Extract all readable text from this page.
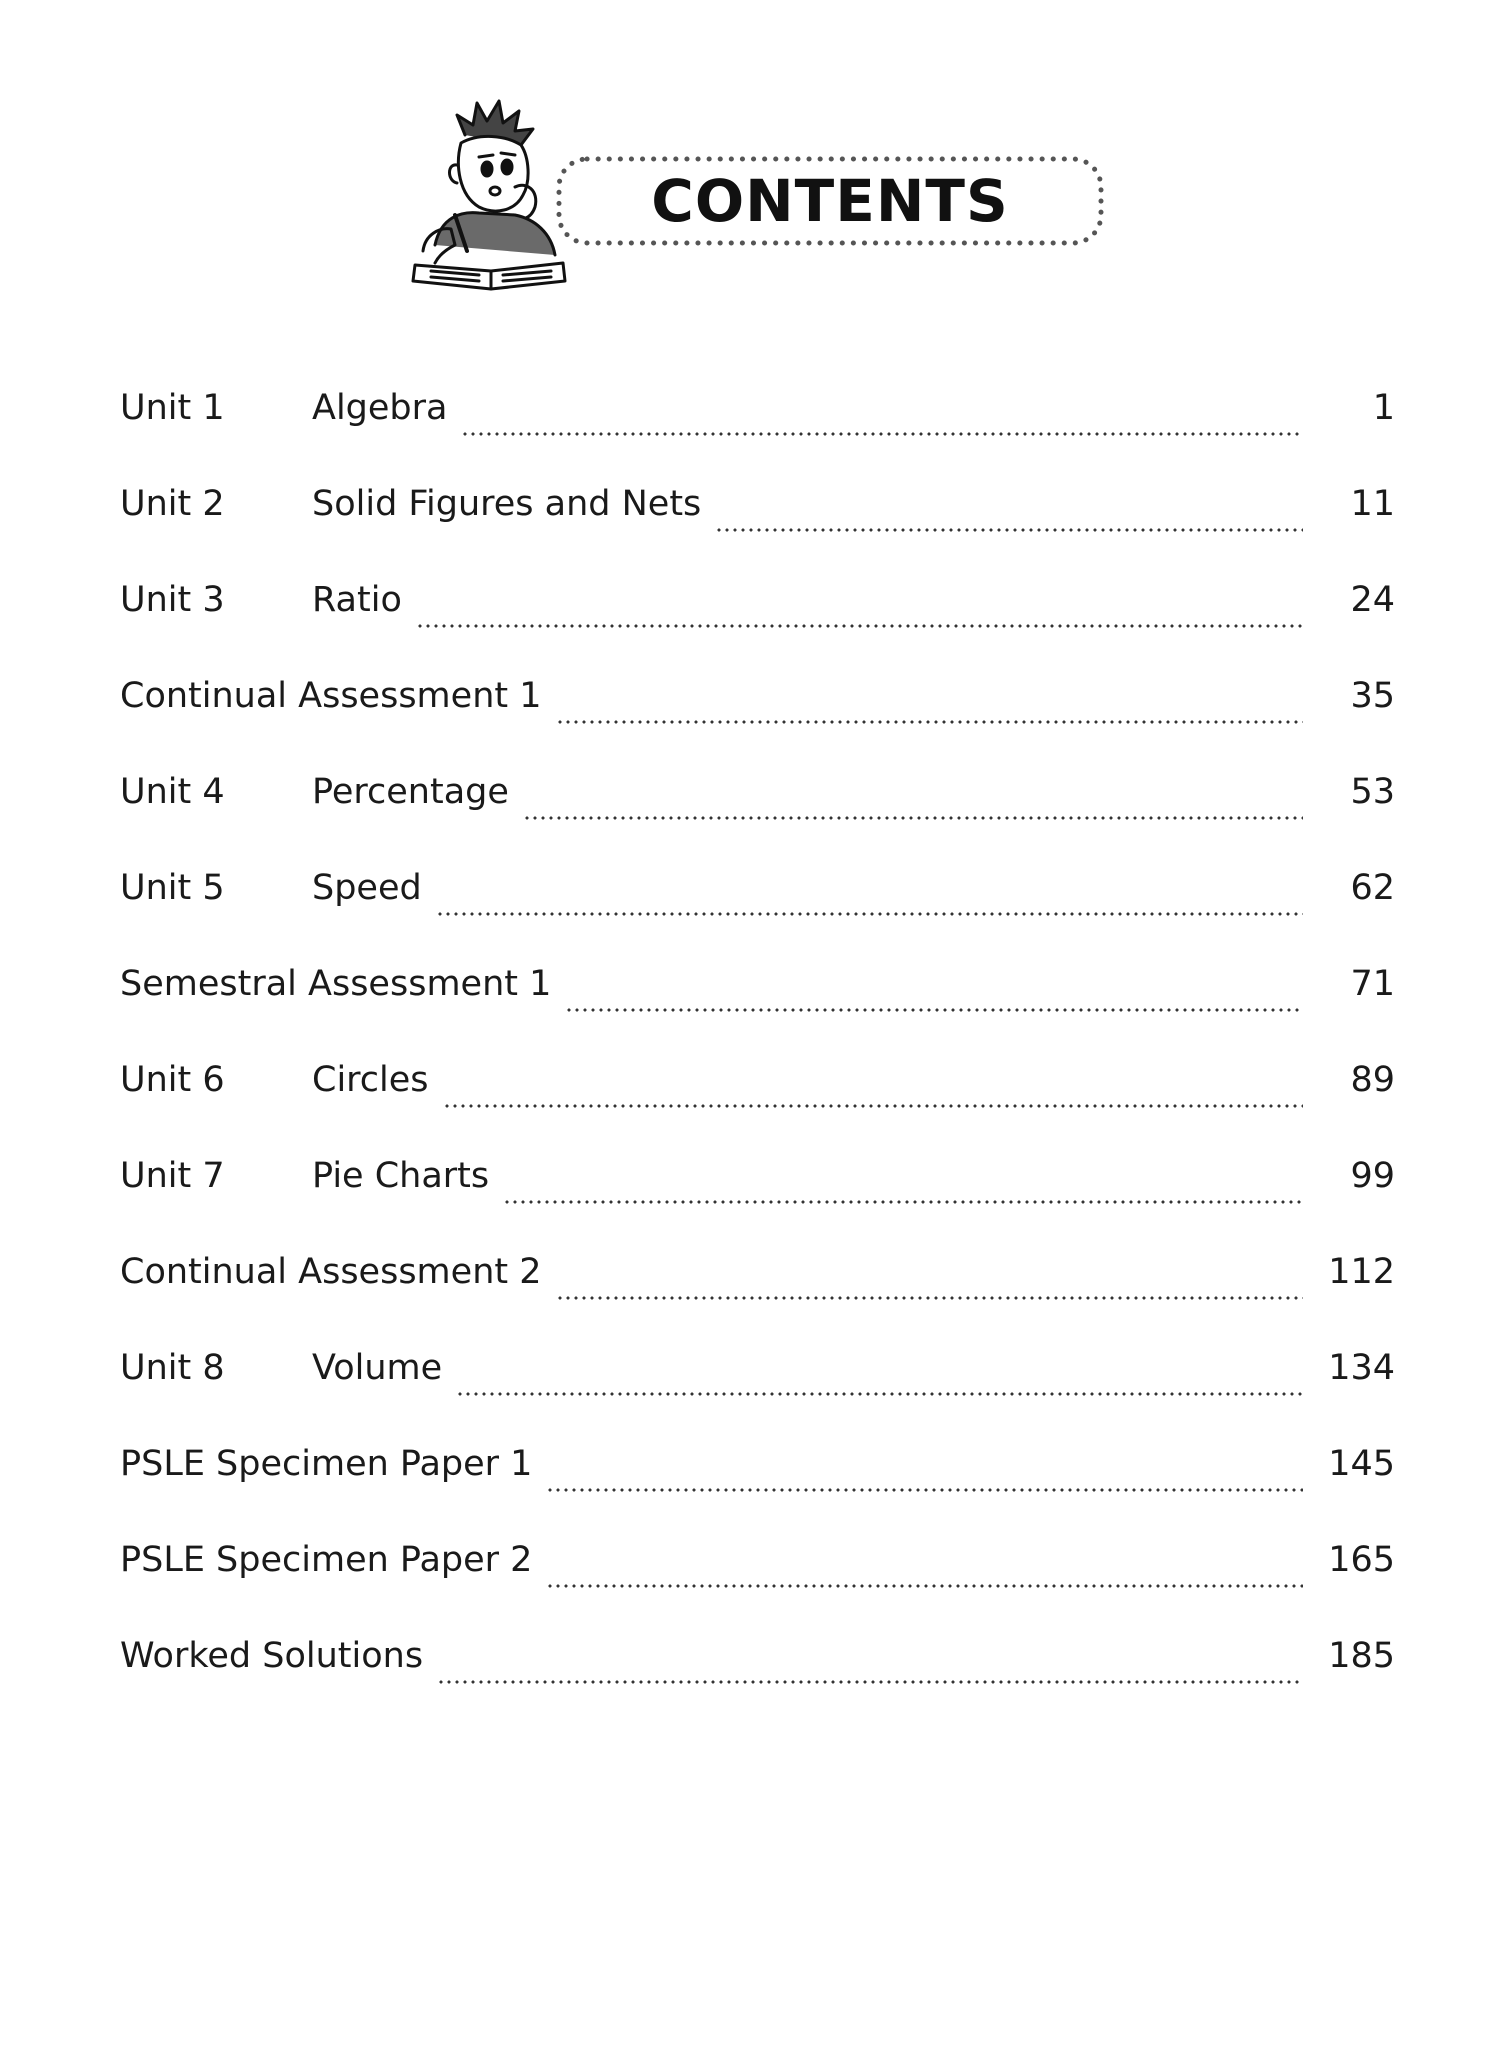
CONTENTS
Unit 1	Algebra	1
Unit 2	Solid Figures and Nets	11
Unit 3	Ratio	24
Continual Assessment 1	35
Unit 4	Percentage	53
Unit 5	Speed	62
Semestral Assessment 1	71
Unit 6	Circles	89
Unit 7	Pie Charts	99
Continual Assessment 2	112
Unit 8	Volume	134
PSLE Specimen Paper 1	145
PSLE Specimen Paper 2	165
Worked Solutions	185
